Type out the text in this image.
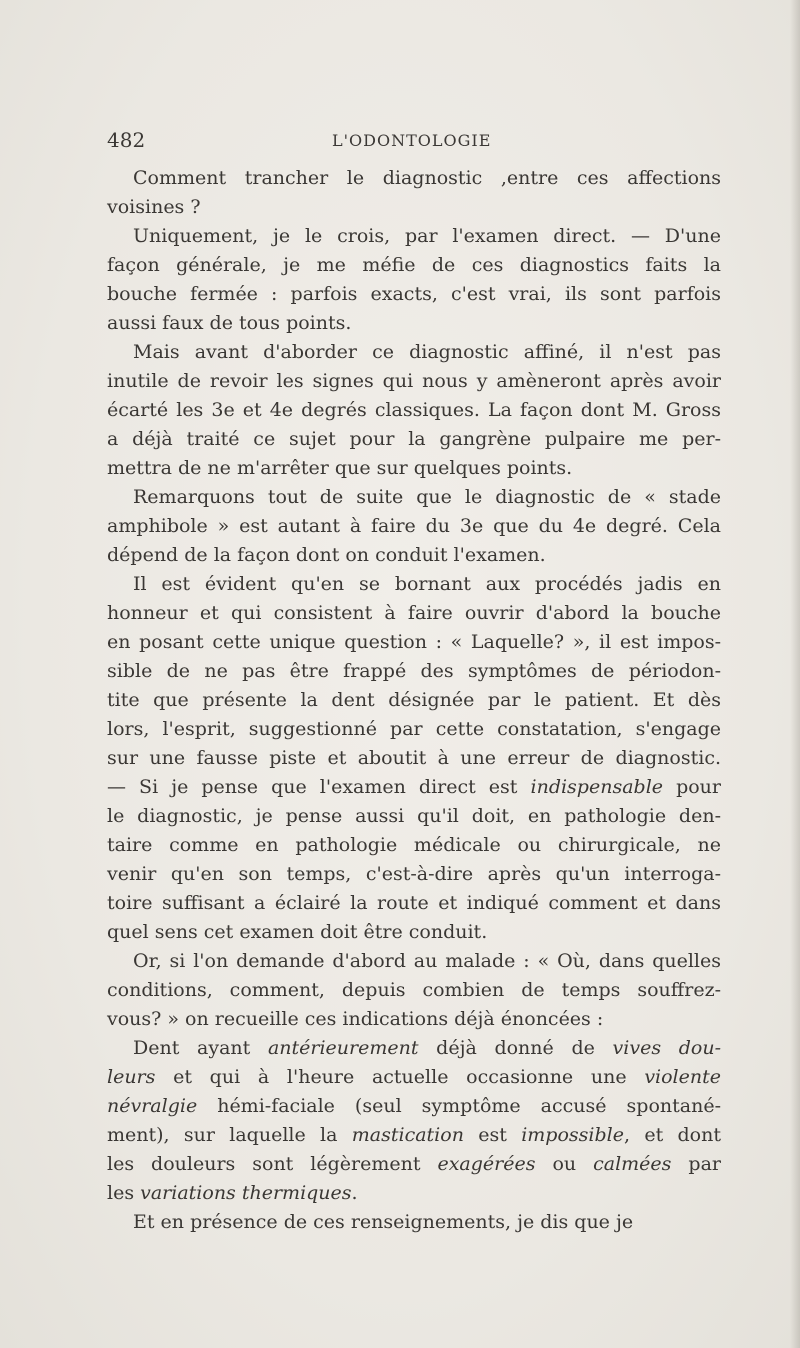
482	L'ODONTOLOGIE
Comment trancher le diagnostic ,entre ces affections
voisines ?
Uniquement, je le crois, par l'examen direct. — D'une
façon générale, je me méfie de ces diagnostics faits la
bouche fermée : parfois exacts, c'est vrai, ils sont parfois
aussi faux de tous points.
Mais avant d'aborder ce diagnostic affiné, il n'est pas
inutile de revoir les signes qui nous y amèneront après avoir
écarté les 3e et 4e degrés classiques. La façon dont M. Gross
a déjà traité ce sujet pour la gangrène pulpaire me per-
mettra de ne m'arrêter que sur quelques points.
Remarquons tout de suite que le diagnostic de « stade
amphibole » est autant à faire du 3e que du 4e degré. Cela
dépend de la façon dont on conduit l'examen.
Il est évident qu'en se bornant aux procédés jadis en
honneur et qui consistent à faire ouvrir d'abord la bouche
en posant cette unique question : « Laquelle? », il est impos-
sible de ne pas être frappé des symptômes de périodon-
tite que présente la dent désignée par le patient. Et dès
lors, l'esprit, suggestionné par cette constatation, s'engage
sur une fausse piste et aboutit à une erreur de diagnostic.
— Si je pense que l'examen direct est indispensable pour
le diagnostic, je pense aussi qu'il doit, en pathologie den-
taire comme en pathologie médicale ou chirurgicale, ne
venir qu'en son temps, c'est-à-dire après qu'un interroga-
toire suffisant a éclairé la route et indiqué comment et dans
quel sens cet examen doit être conduit.
Or, si l'on demande d'abord au malade : « Où, dans quelles
conditions, comment, depuis combien de temps souffrez-
vous? » on recueille ces indications déjà énoncées :
Dent ayant antérieurement déjà donné de vives dou-
leurs et qui à l'heure actuelle occasionne une violente
névralgie hémi-faciale (seul symptôme accusé spontané-
ment), sur laquelle la mastication est impossible, et dont
les douleurs sont légèrement exagérées ou calmées par
les variations thermiques.
Et en présence de ces renseignements, je dis que je
